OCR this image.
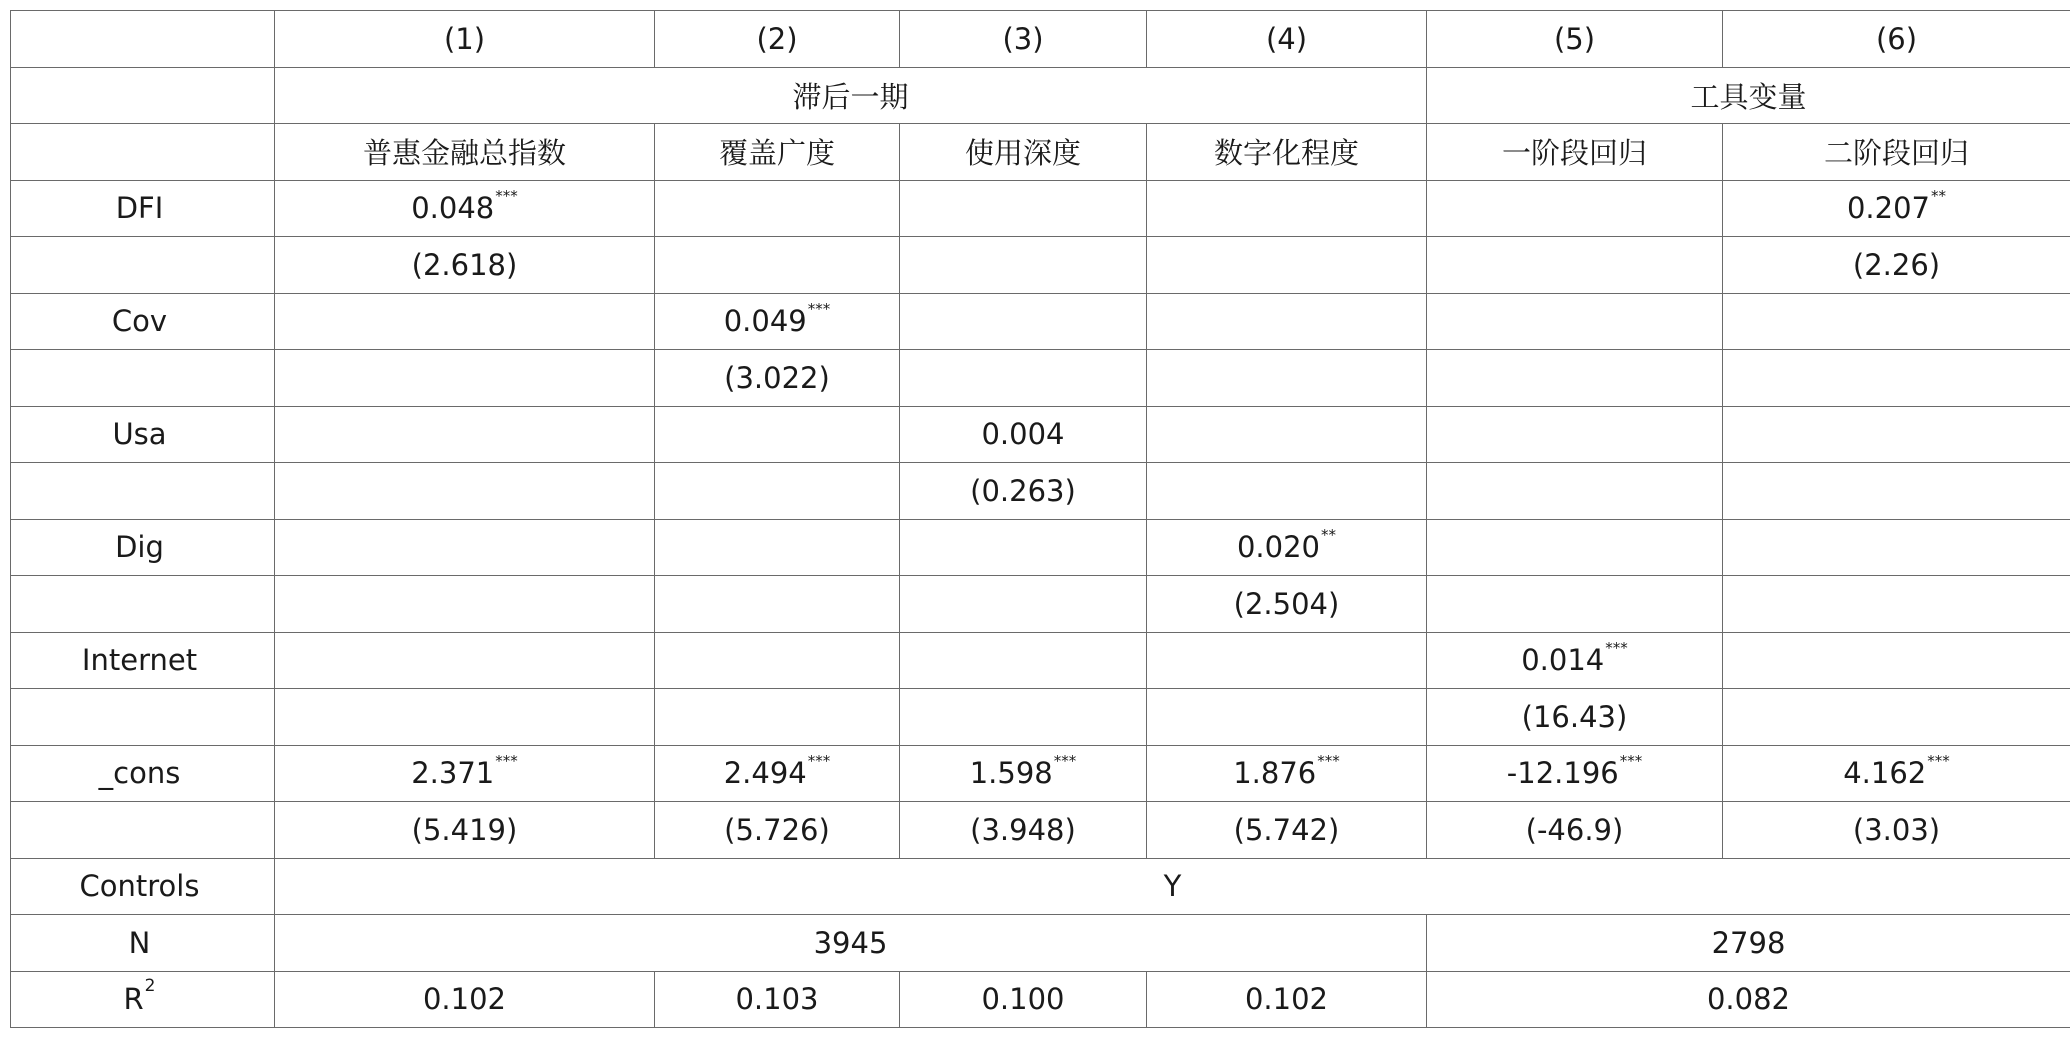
	(1)	(2)	(3)	(4)	(5)	(6)
	滞后一期				工具变量	
	普惠金融总指数	覆盖广度	使用深度	数字化程度	一阶段回归	二阶段回归
DFI	0.048***					0.207**
	(2.618)					(2.26)
Cov		0.049***				
		(3.022)				
Usa			0.004			
			(0.263)			
Dig				0.020**		
				(2.504)		
Internet					0.014***	
					(16.43)	
_cons	2.371***	2.494***	1.598***	1.876***	-12.196***	4.162***
	(5.419)	(5.726)	(3.948)	(5.742)	(-46.9)	(3.03)
Controls	Y					
N	3945				2798	
$R^2$	0.102	0.103	0.100	0.102	0.082	
